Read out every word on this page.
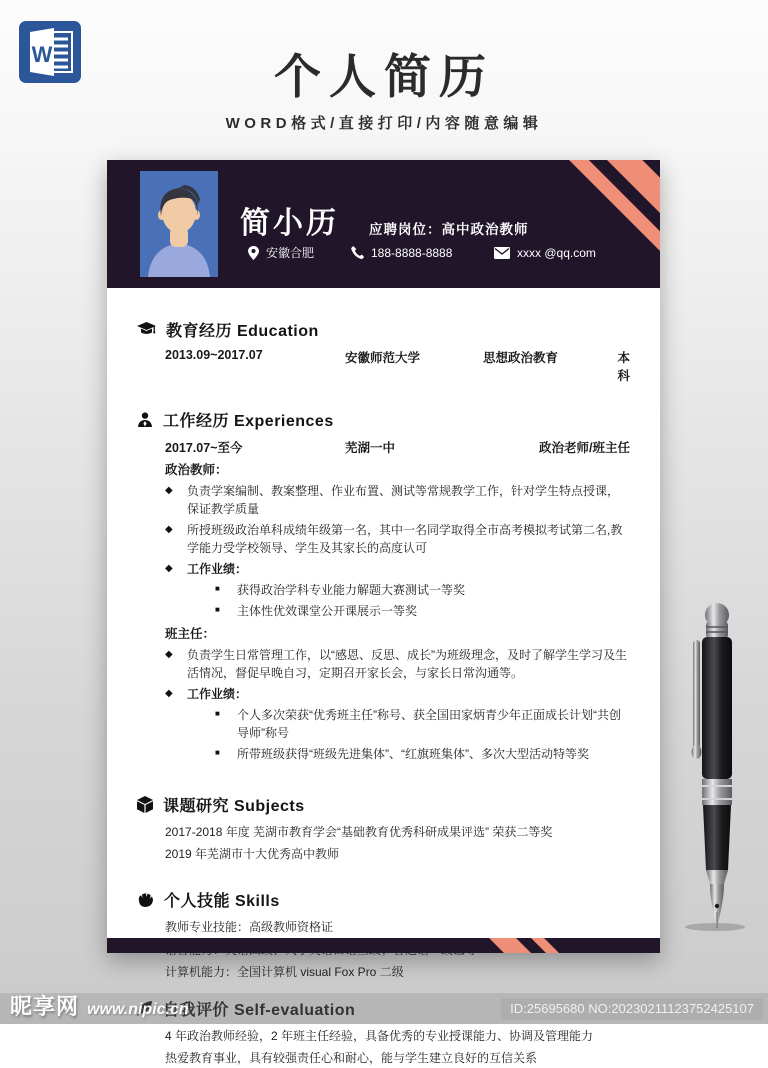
W	个人简历
WORD格式/直接打印/内容随意编辑
简小历 应聘岗位：高中政治教师
安徽合肥	188-8888-8888	xxxx @qq.com
教育经历 Education
2013.09~2017.07	安徽师范大学	思想政治教育	本科
工作经历 Experiences
2017.07~至今	芜湖一中	政治老师/班主任
政治教师：
◆	负责学案编制、教案整理、作业布置、测试等常规教学工作，针对学生特点授课，保证教学质量
◆	所授班级政治单科成绩年级第一名，其中一名同学取得全市高考模拟考试第二名,教学能力受学校领导、学生及其家长的高度认可
◆	工作业绩：
■	获得政治学科专业能力解题大赛测试一等奖
■	主体性优效课堂公开课展示一等奖
班主任：
◆	负责学生日常管理工作，以“感恩、反思、成长”为班级理念，及时了解学生学习及生活情况，督促早晚自习，定期召开家长会，与家长日常沟通等。
◆	工作业绩：
■	个人多次荣获“优秀班主任”称号、获全国田家炳青少年正面成长计划“共创导师”称号
■	所带班级获得“班级先进集体”、“红旗班集体”、多次大型活动特等奖
课题研究 Subjects
2017-2018 年度 芜湖市教育学会“基础教育优秀科研成果评选” 荣获二等奖
2019 年芜湖市十大优秀高中教师
个人技能 Skills
教师专业技能：高级教师资格证
计算机能力：全国计算机 visual Fox Pro 二级
自我评价 Self-evaluation
4 年政治教师经验，2 年班主任经验，具备优秀的专业授课能力、协调及管理能力
热爱教育事业，具有较强责任心和耐心，能与学生建立良好的互信关系
昵享网 www.nipic.cn	ID:25695680 NO:20230211123752425107
